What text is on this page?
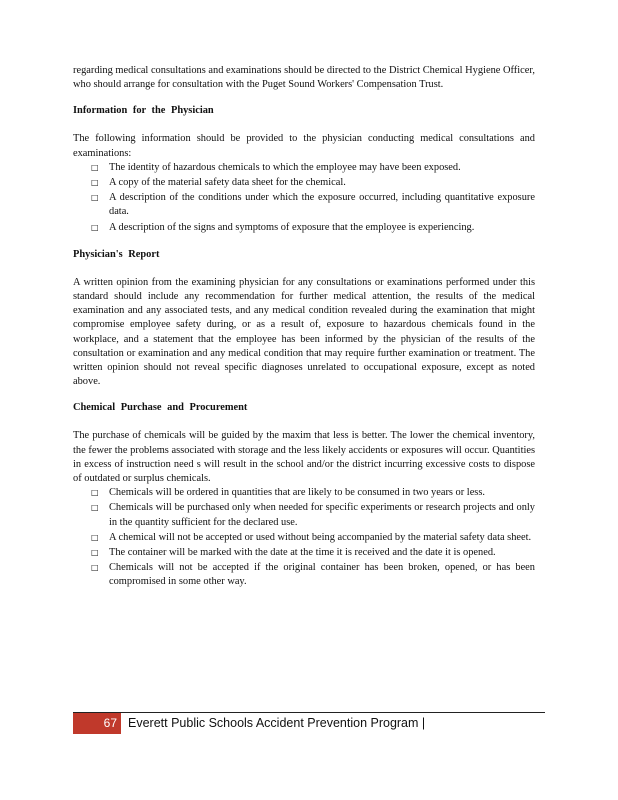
regarding medical consultations and examinations should be directed to the District Chemical Hygiene Officer, who should arrange for consultation with the Puget Sound Workers' Compensation Trust.

Information for the Physician

The following information should be provided to the physician conducting medical consultations and examinations:

□ The identity of hazardous chemicals to which the employee may have been exposed.
□ A copy of the material safety data sheet for the chemical.
□ A description of the conditions under which the exposure occurred, including quantitative exposure data.
□ A description of the signs and symptoms of exposure that the employee is experiencing.
Physician's Report

A written opinion from the examining physician for any consultations or examinations performed under this standard should include any recommendation for further medical attention, the results of the medical examination and any associated tests, and any medical condition revealed during the examination that might compromise employee safety during, or as a result of, exposure to hazardous chemicals found in the workplace, and a statement that the employee has been informed by the physician of the results of the consultation or examination and any medical condition that may require further examination or treatment. The written opinion should not reveal specific diagnoses unrelated to occupational exposure, except as noted above.

Chemical Purchase and Procurement

The purchase of chemicals will be guided by the maxim that less is better. The lower the chemical inventory, the fewer the problems associated with storage and the less likely accidents or exposures will occur. Quantities in excess of instruction need s will result in the school and/or the district incurring excessive costs to dispose of outdated or surplus chemicals.

□ Chemicals will be ordered in quantities that are likely to be consumed in two years or less.
□ Chemicals will be purchased only when needed for specific experiments or research projects and only in the quantity sufficient for the declared use.
□ A chemical will not be accepted or used without being accompanied by the material safety data sheet.
□ The container will be marked with the date at the time it is received and the date it is opened.
□ Chemicals will not be accepted if the original container has been broken, opened, or has been compromised in some other way.
67 Everett Public Schools Accident Prevention Program |
